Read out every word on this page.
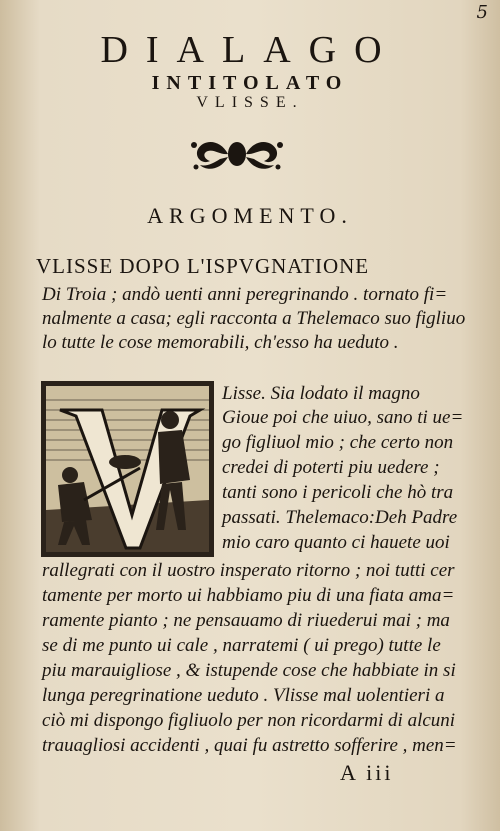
5
DIALAGO
INTITOLATO
VLISSE.
ARGOMENTO.
VLISSE DOPO L'ISPVGNATIONE
Di Troia ; andò uenti anni peregrinando . tornato fi=
nalmente a casa; egli racconta a Thelemaco suo figliuo
lo tutte le cose memorabili, ch'esso ha ueduto .
Lisse. Sia lodato il magno
Gioue poi che uiuo, sano ti ue=
go figliuol mio ; che certo non
credei di poterti piu uedere ;
tanti sono i pericoli che hò tra
passati. Thelemaco:Deh Padre
mio caro quanto ci hauete uoi
rallegrati con il uostro insperato ritorno ; noi tutti cer
tamente per morto ui habbiamo piu di una fiata ama=
ramente pianto ; ne pensauamo di riuederui mai ; ma
se di me punto ui cale , narratemi ( ui prego) tutte le
piu marauigliose , & istupende cose che habbiate in si
lunga peregrinatione ueduto . Vlisse mal uolentieri a
ciò mi dispongo figliuolo per non ricordarmi di alcuni
trauagliosi accidenti , quai fu astretto sofferire , men=
A iii
